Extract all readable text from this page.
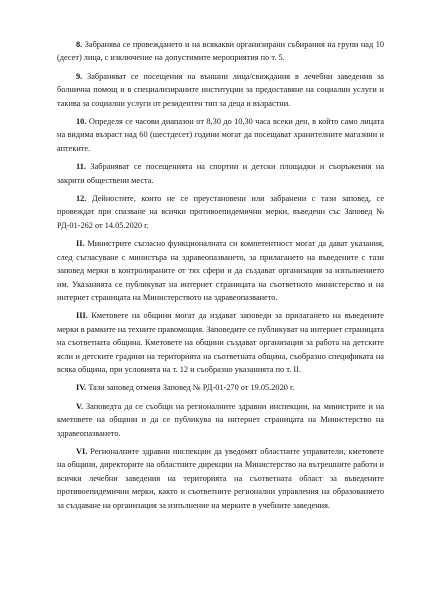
8. Забранява се провеждането и на всякакви организирани събирания на групи над 10 (десет) лица, с изключение на допустимите мероприятия по т. 5.

9. Забраняват се посещения на външни лица/свиждания в лечебни заведения за болнична помощ и в специализираните институции за предоставяне на социални услуги и такива за социални услуги от резидентен тип за деца и възрастни.

10. Определя се часови диапазон от 8,30 до 10,30 часа всеки ден, в който само лицата на видима възраст над 60 (шестдесет) години могат да посещават хранителните магазини и аптеките.

11. Забраняват се посещенията на спортни и детски площадки и съоръжения на закрити обществени места.

12. Дейностите, които не се преустановени или забранени с тази заповед, се провеждат при спазване на всички противоепидемични мерки, въведени със Заповед № РД-01-262 от 14.05.2020 г.

II. Министрите съгласно функционалната си компетентност могат да дават указания, след съгласуване с министъра на здравеопазването, за прилагането на въведените с тази заповед мерки в контролираните от тях сфери и да създават организация за изпълнението им. Указанията се публикуват на интернет страницата на съответното министерство и на интернет страницата на Министерството на здравеопазването.

III. Кметовете на общини могат да издават заповеди за прилагането на въведените мерки в рамките на техните правомощия. Заповедите се публикуват на интернет страницата на съответната община. Кметовете на общини създават организация за работа на детските ясли и детските градини на територията на съответната община, съобразно спецификата на всяка община, при условията на т. 12 и съобразно указанията по т. II.

IV. Тази заповед отменя Заповед № РД-01-270 от 19.05.2020 г.

V. Заповедта да се съобщи на регионалните здравни инспекции, на министрите и на кметовете на общини и да се публикува на интернет страницата на Министерство на здравеопазването.

VI. Регионалните здравни инспекции да уведомят областните управители, кметовете на общини, директорите на областните дирекции на Министерство на вътрешните работи и всички лечебни заведения на територията на съответната област за въведените противоепидемични мерки, както и съответните регионални управления на образованието за създаване на организация за изпълнение на мерките в учебните заведения.
